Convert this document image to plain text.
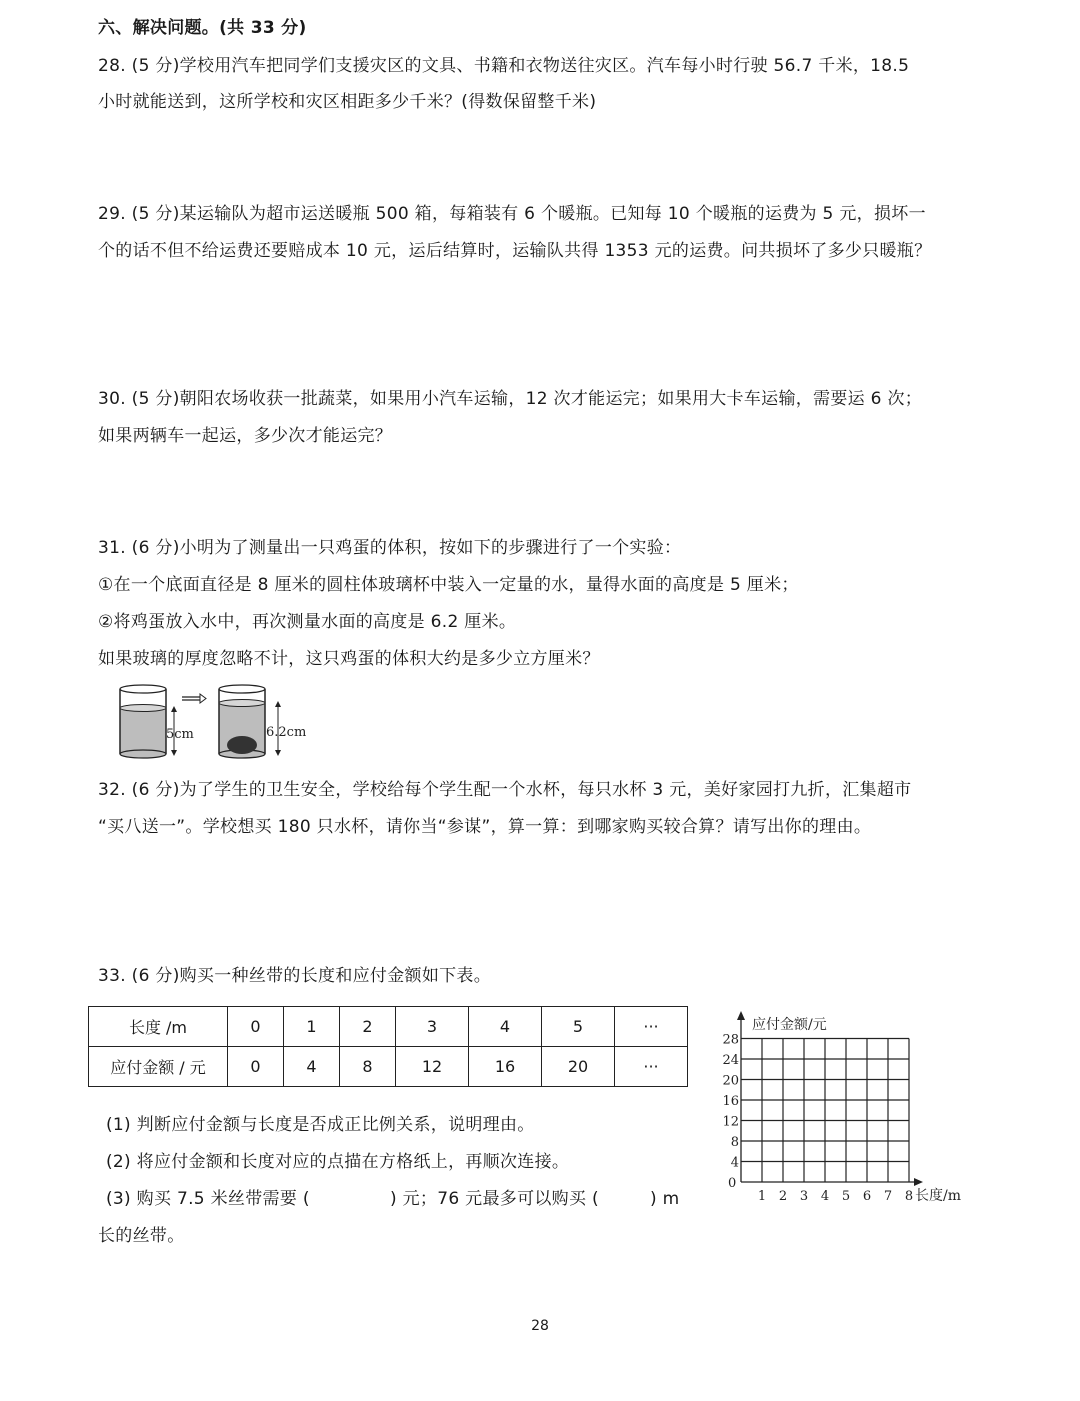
六、解决问题。(共 33 分)
28. (5 分)学校用汽车把同学们支援灾区的文具、书籍和衣物送往灾区。汽车每小时行驶 56.7 千米，18.5
小时就能送到，这所学校和灾区相距多少千米？(得数保留整千米)
29. (5 分)某运输队为超市运送暖瓶 500 箱，每箱装有 6 个暖瓶。已知每 10 个暖瓶的运费为 5 元，损坏一
个的话不但不给运费还要赔成本 10 元，运后结算时，运输队共得 1353 元的运费。问共损坏了多少只暖瓶？
30. (5 分)朝阳农场收获一批蔬菜，如果用小汽车运输，12 次才能运完；如果用大卡车运输，需要运 6 次；
如果两辆车一起运，多少次才能运完？
31. (6 分)小明为了测量出一只鸡蛋的体积，按如下的步骤进行了一个实验：
①在一个底面直径是 8 厘米的圆柱体玻璃杯中装入一定量的水，量得水面的高度是 5 厘米；
②将鸡蛋放入水中，再次测量水面的高度是 6.2 厘米。
如果玻璃的厚度忽略不计，这只鸡蛋的体积大约是多少立方厘米？
5cm	6.2cm
32. (6 分)为了学生的卫生安全，学校给每个学生配一个水杯，每只水杯 3 元，美好家园打九折，汇集超市
“买八送一”。学校想买 180 只水杯，请你当“参谋”，算一算：到哪家购买较合算？请写出你的理由。
33. (6 分)购买一种丝带的长度和应付金额如下表。
长度 /m	0	1	2	3	4	5	···
应付金额 / 元	0	4	8	12	16	20	···
(1) 判断应付金额与长度是否成正比例关系，说明理由。
(2) 将应付金额和长度对应的点描在方格纸上，再顺次连接。
(3) 购买 7.5 米丝带需要 (	) 元；76 元最多可以购买 (	) m
长的丝带。
应付金额/元
长度/m
0
4
8
12
16
20
24
28
1 2 3 4 5 6 7 8
28
